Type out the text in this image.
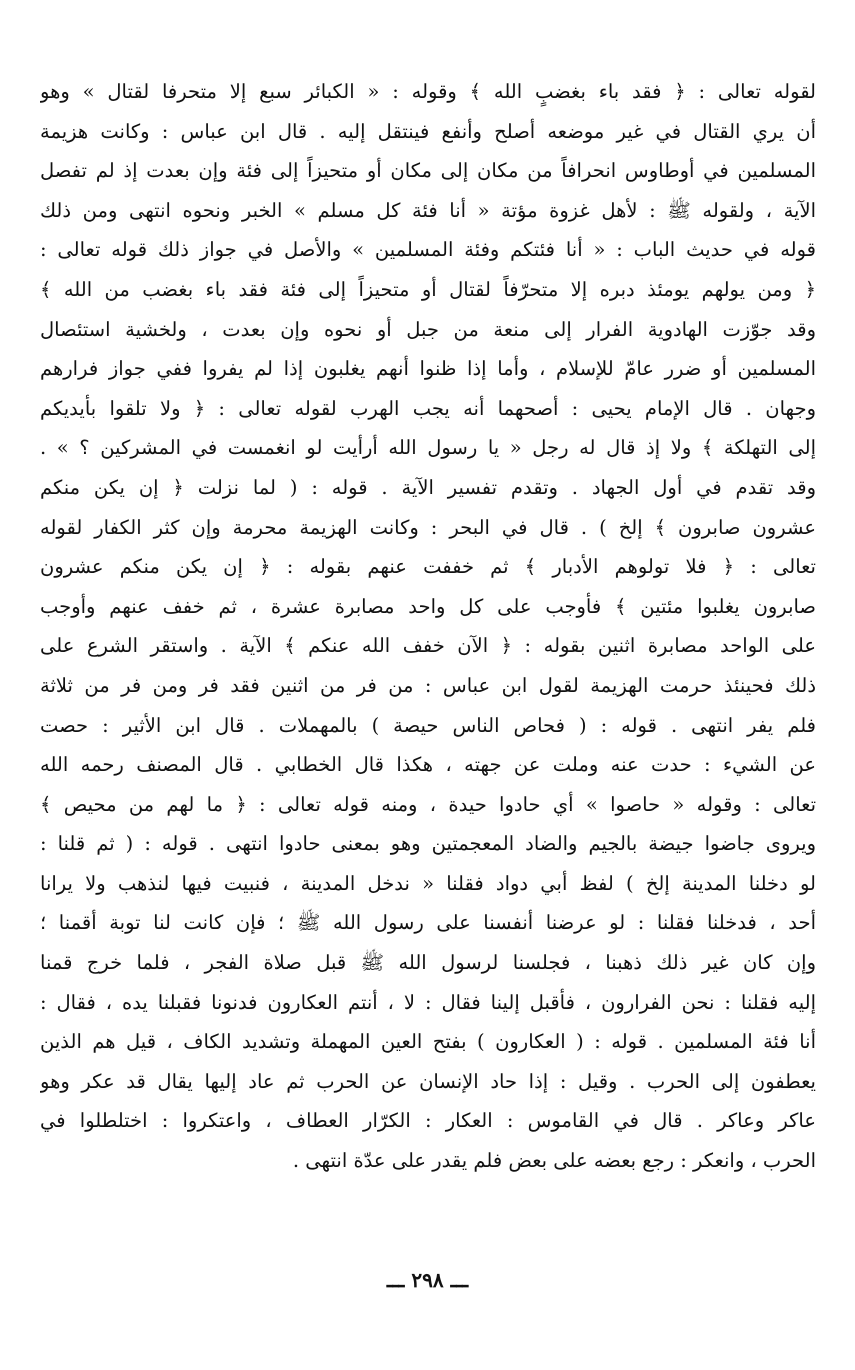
لقوله تعالى : ﴿ فقد باء بغضبٍ الله ﴾ وقوله : « الكبائر سبع إلا متحرفا لقتال » وهو
أن يري القتال في غير موضعه أصلح وأنفع فينتقل إليه . قال ابن عباس : وكانت هزيمة
المسلمين في أوطاوس انحرافاً من مكان إلى مكان أو متحيزاً إلى فئة وإن بعدت إذ لم تفصل
الآية ، ولقوله ﷺ : لأهل غزوة مؤتة « أنا فئة كل مسلم » الخبر ونحوه انتهى ومن ذلك
قوله في حديث الباب : « أنا فئتكم وفئة المسلمين » والأصل في جواز ذلك قوله تعالى :
﴿ ومن يولهم يومئذ دبره إلا متحرّفاً لقتال أو متحيزاً إلى فئة فقد باء بغضب من الله ﴾
وقد جوّزت الهادوية الفرار إلى منعة من جبل أو نحوه وإن بعدت ، ولخشية استئصال
المسلمين أو ضرر عامّ للإسلام ، وأما إذا ظنوا أنهم يغلبون إذا لم يفروا ففي جواز فرارهم
وجهان . قال الإمام يحيى : أصحهما أنه يجب الهرب لقوله تعالى : ﴿ ولا تلقوا بأيديكم
إلى التهلكة ﴾ ولا إذ قال له رجل « يا رسول الله أرأيت لو انغمست في المشركين ؟ » .
وقد تقدم في أول الجهاد . وتقدم تفسير الآية . قوله : ( لما نزلت ﴿ إن يكن منكم
عشرون صابرون ﴾ إلخ ) . قال في البحر : وكانت الهزيمة محرمة وإن كثر الكفار لقوله
تعالى : ﴿ فلا تولوهم الأدبار ﴾ ثم خففت عنهم بقوله : ﴿ إن يكن منكم عشرون
صابرون يغلبوا مئتين ﴾ فأوجب على كل واحد مصابرة عشرة ، ثم خفف عنهم وأوجب
على الواحد مصابرة اثنين بقوله : ﴿ الآن خفف الله عنكم ﴾ الآية . واستقر الشرع على
ذلك فحينئذ حرمت الهزيمة لقول ابن عباس : من فر من اثنين فقد فر ومن فر من ثلاثة
فلم يفر انتهى . قوله : ( فحاص الناس حيصة ) بالمهملات . قال ابن الأثير : حصت
عن الشيء : حدت عنه وملت عن جهته ، هكذا قال الخطابي . قال المصنف رحمه الله
تعالى : وقوله « حاصوا » أي حادوا حيدة ، ومنه قوله تعالى : ﴿ ما لهم من محيص ﴾
ويروى جاضوا جيضة بالجيم والضاد المعجمتين وهو بمعنى حادوا انتهى . قوله : ( ثم قلنا :
لو دخلنا المدينة إلخ ) لفظ أبي دواد فقلنا « ندخل المدينة ، فنبيت فيها لنذهب ولا يرانا
أحد ، فدخلنا فقلنا : لو عرضنا أنفسنا على رسول الله ﷺ ؛ فإن كانت لنا توبة أقمنا ؛
وإن كان غير ذلك ذهبنا ، فجلسنا لرسول الله ﷺ قبل صلاة الفجر ، فلما خرج قمنا
إليه فقلنا : نحن الفرارون ، فأقبل إلينا فقال : لا ، أنتم العكارون فدنونا فقبلنا يده ، فقال :
أنا فئة المسلمين . قوله : ( العكارون ) بفتح العين المهملة وتشديد الكاف ، قيل هم الذين
يعطفون إلى الحرب . وقيل : إذا حاد الإنسان عن الحرب ثم عاد إليها يقال قد عكر وهو
عاكر وعاكر . قال في القاموس : العكار : الكرّار العطاف ، واعتكروا : اختلطلوا في
الحرب ، وانعكر : رجع بعضه على بعض فلم يقدر على عدّة انتهى .
ـــ ٢٩٨ ـــ
